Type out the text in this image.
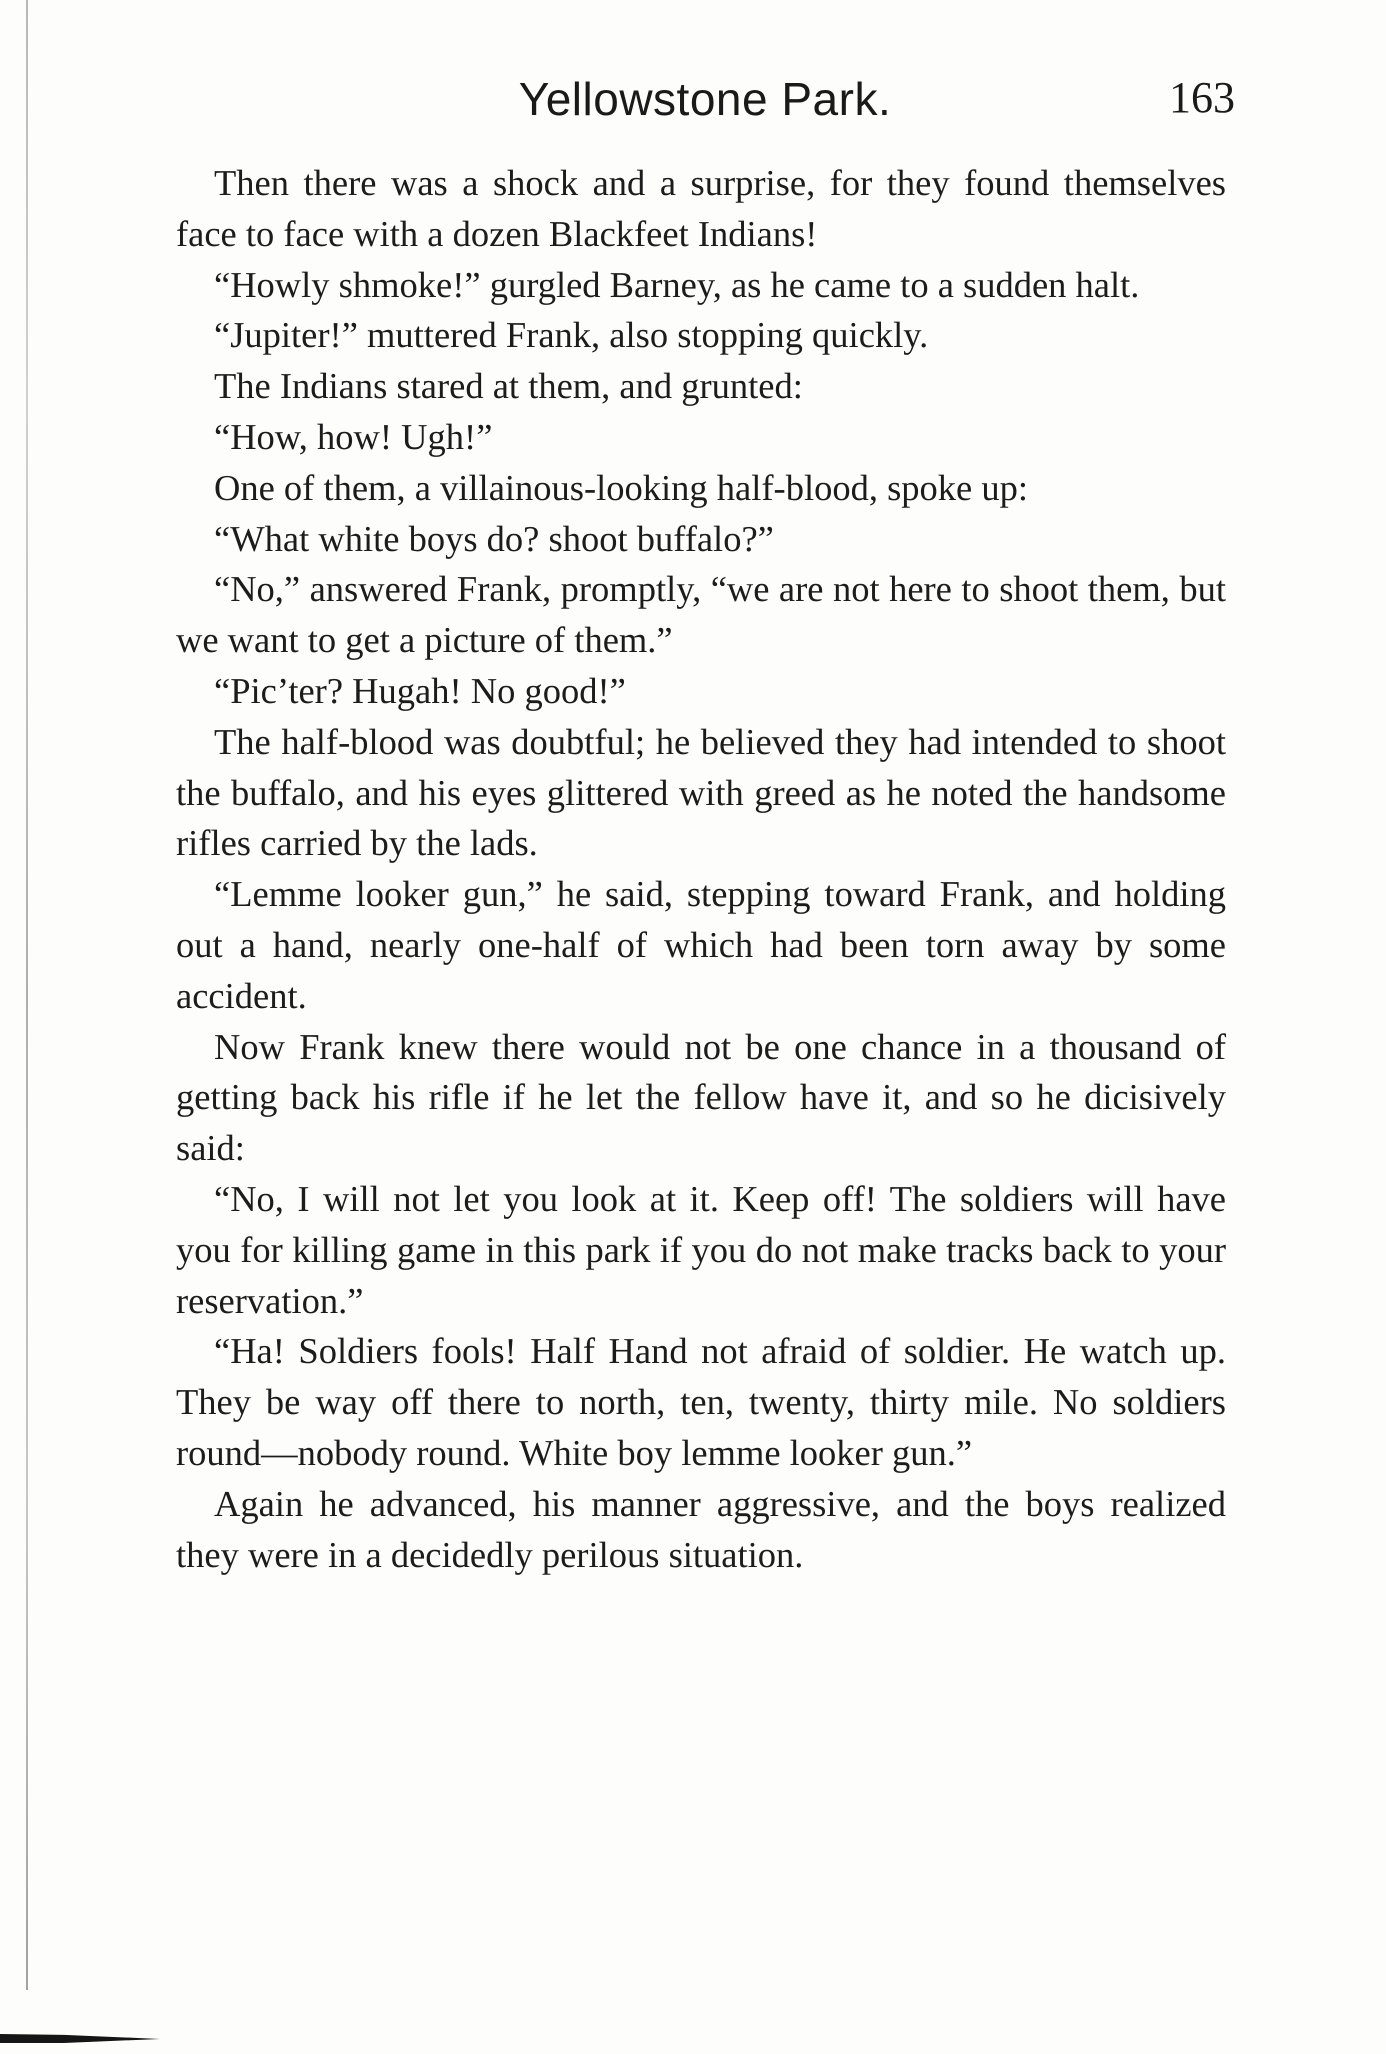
Yellowstone Park.	163

Then there was a shock and a surprise, for they found themselves face to face with a dozen Blackfeet Indians!

“Howly shmoke!” gurgled Barney, as he came to a sudden halt.

“Jupiter!” muttered Frank, also stopping quickly.

The Indians stared at them, and grunted:

“How, how! Ugh!”

One of them, a villainous-looking half-blood, spoke up:

“What white boys do? shoot buffalo?”

“No,” answered Frank, promptly, “we are not here to shoot them, but we want to get a picture of them.”

“Pic’ter? Hugah! No good!”

The half-blood was doubtful; he believed they had intended to shoot the buffalo, and his eyes glittered with greed as he noted the handsome rifles carried by the lads.

“Lemme looker gun,” he said, stepping toward Frank, and holding out a hand, nearly one-half of which had been torn away by some accident.

Now Frank knew there would not be one chance in a thousand of getting back his rifle if he let the fellow have it, and so he dicisively said:

“No, I will not let you look at it. Keep off! The soldiers will have you for killing game in this park if you do not make tracks back to your reservation.”

“Ha! Soldiers fools! Half Hand not afraid of soldier. He watch up. They be way off there to north, ten, twenty, thirty mile. No soldiers round—nobody round. White boy lemme looker gun.”

Again he advanced, his manner aggressive, and the boys realized they were in a decidedly perilous situation.
